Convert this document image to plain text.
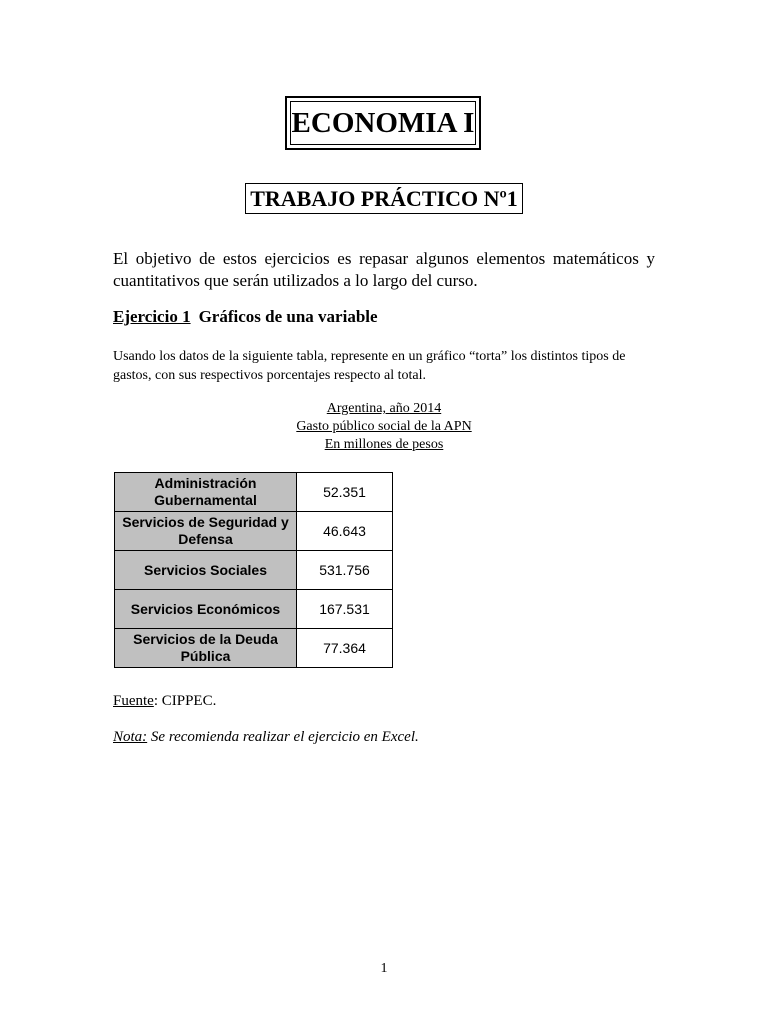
ECONOMIA I
TRABAJO PRÁCTICO Nº1

El objetivo de estos ejercicios es repasar algunos elementos matemáticos y cuantitativos que serán utilizados a lo largo del curso.

Ejercicio 1 Gráficos de una variable

Usando los datos de la siguiente tabla, represente en un gráfico “torta” los distintos tipos de gastos, con sus respectivos porcentajes respecto al total.

Argentina, año 2014
Gasto público social de la APN
En millones de pesos
Administración Gubernamental	52.351
Servicios de Seguridad y Defensa	46.643
Servicios Sociales	531.756
Servicios Económicos	167.531
Servicios de la Deuda Pública	77.364
Fuente: CIPPEC.
Nota: Se recomienda realizar el ejercicio en Excel.
1
